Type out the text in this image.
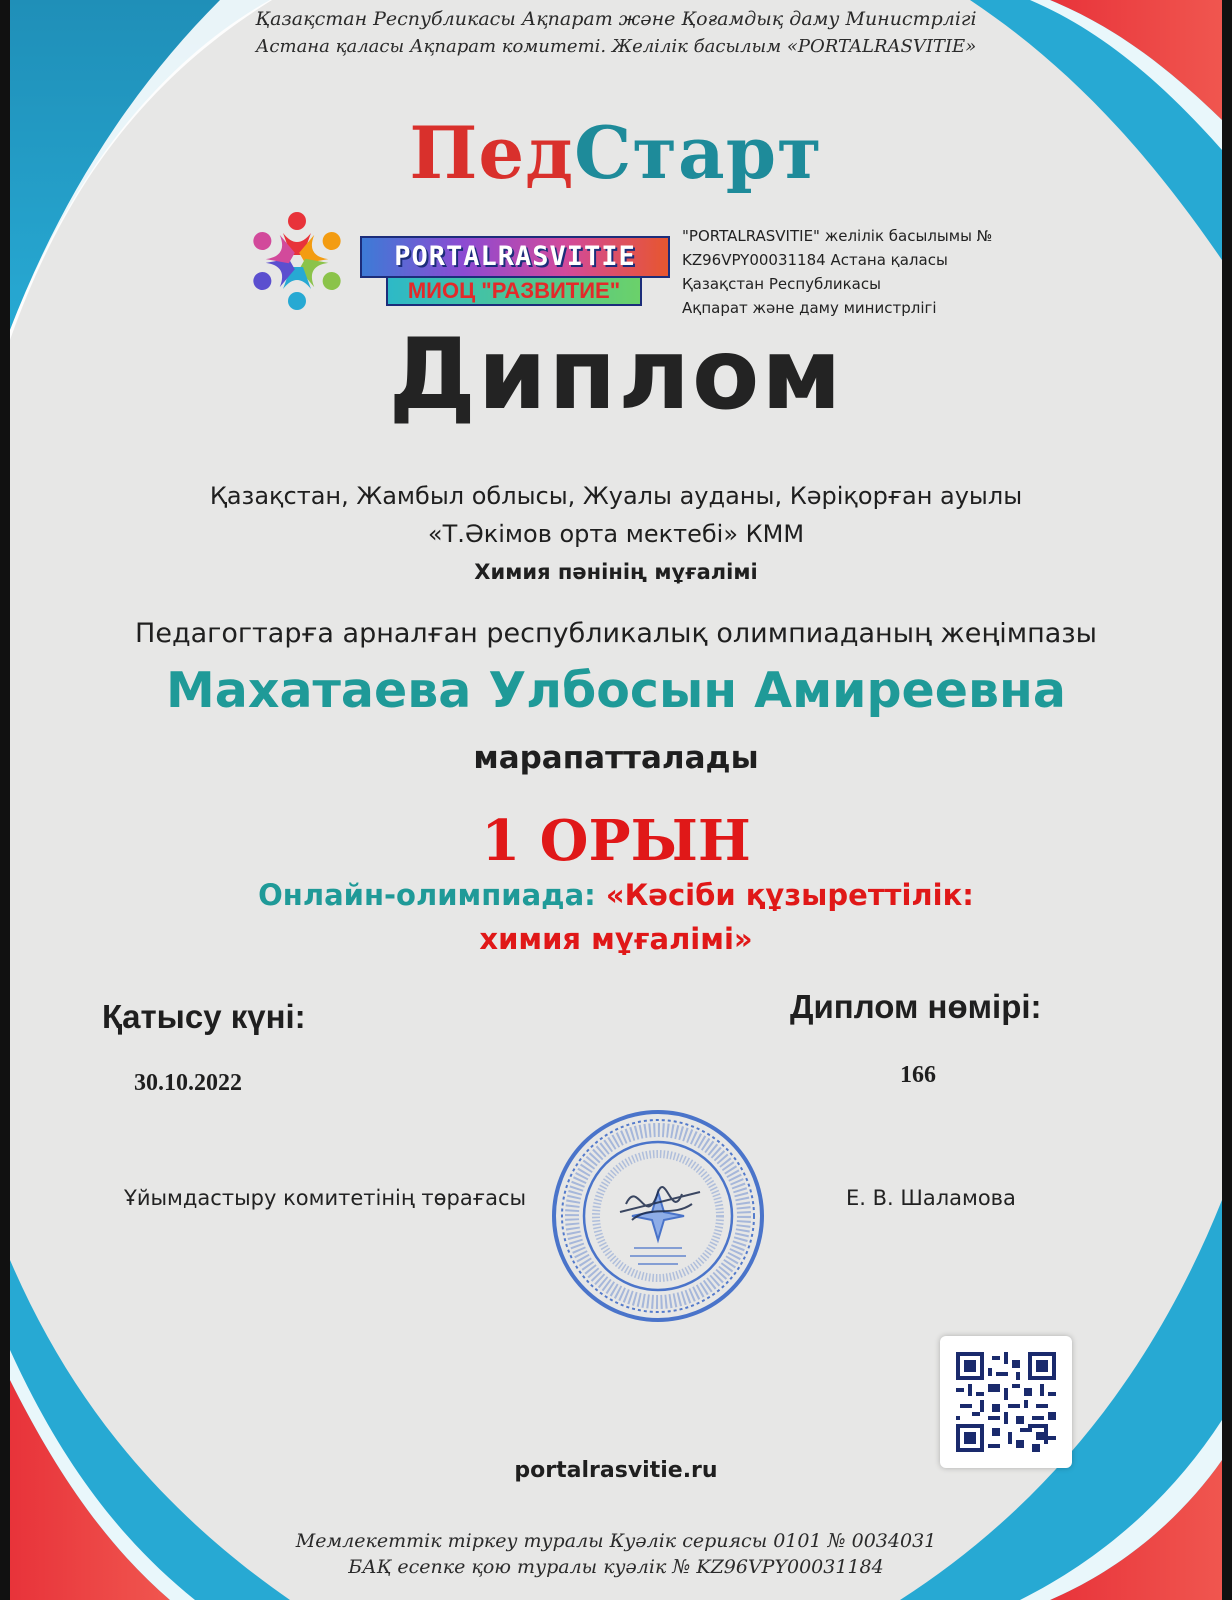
Қазақстан Республикасы Ақпарат және Қоғамдық даму Министрлігі
Астана қаласы Ақпарат комитеті. Желілік басылым «PORTALRASVITIE»
ПедСтарт
PORTALRASVITIE
МИОЦ "РАЗВИТИЕ"
"PORTALRASVITIE" желілік басылымы №
KZ96VPY00031184 Астана қаласы
Қазақстан Республикасы
Ақпарат және даму министрлігі
Диплом
Қазақстан, Жамбыл облысы, Жуалы ауданы, Кәріқорған ауылы
«Т.Әкімов орта мектебі» КММ
Химия пәнінің мұғалімі
Педагогтарға арналған республикалық олимпиаданың жеңімпазы
Махатаева Улбосын Амиреевна
марапатталады
1 ОРЫН
Онлайн-олимпиада: «Кәсіби құзыреттілік:
химия мұғалімі»
Қатысу күні:	Диплом нөмірі:
30.10.2022	166
Ұйымдастыру комитетінің төрағасы	Е. В. Шаламова
portalrasvitie.ru
Мемлекеттік тіркеу туралы Куәлік сериясы 0101 № 0034031
БАҚ есепке қою туралы куәлік № KZ96VPY00031184
